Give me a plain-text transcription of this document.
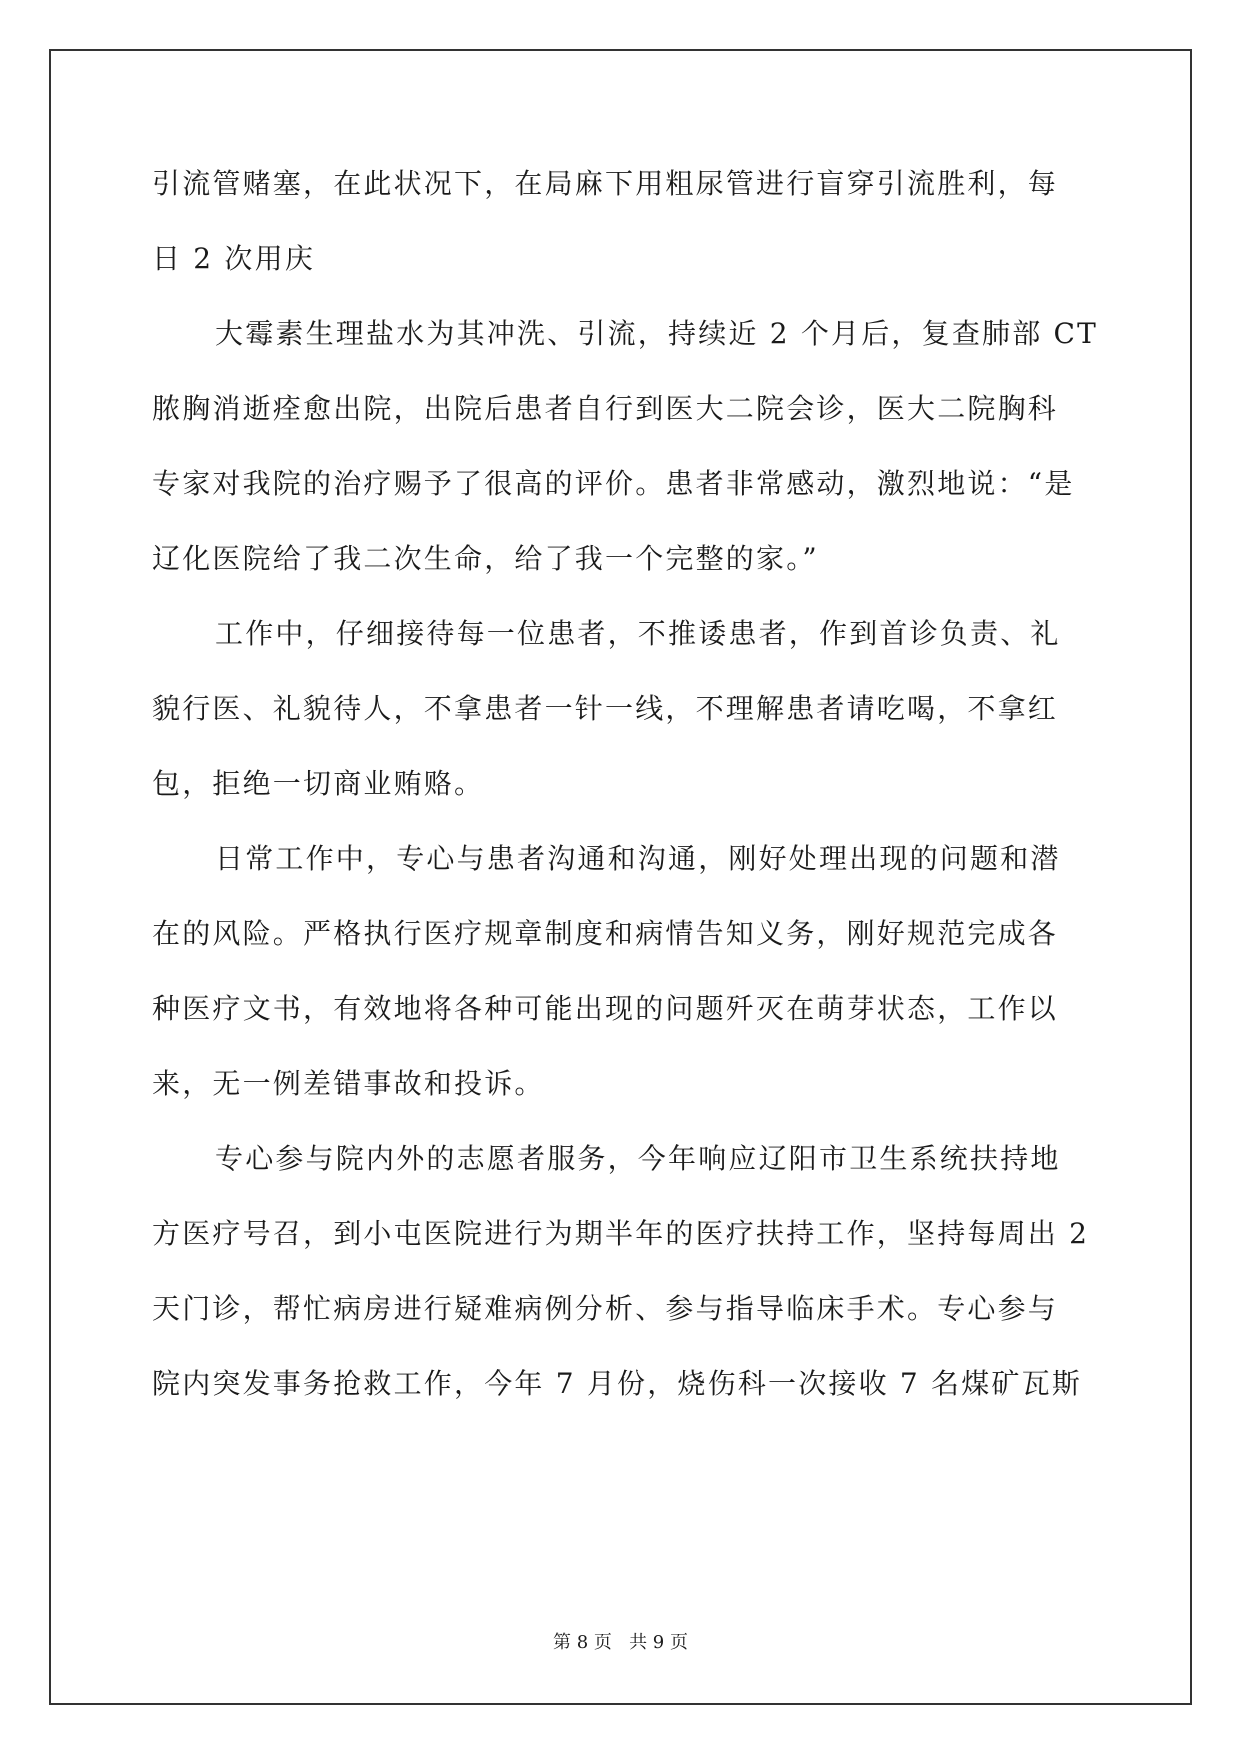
引流管赌塞，在此状况下，在局麻下用粗尿管进行盲穿引流胜利，每
日 2 次用庆
大霉素生理盐水为其冲洗、引流，持续近 2 个月后，复查肺部 CT
脓胸消逝痊愈出院，出院后患者自行到医大二院会诊，医大二院胸科
专家对我院的治疗赐予了很高的评价。患者非常感动，激烈地说：“是
辽化医院给了我二次生命，给了我一个完整的家。”
工作中，仔细接待每一位患者，不推诿患者，作到首诊负责、礼
貌行医、礼貌待人，不拿患者一针一线，不理解患者请吃喝，不拿红
包，拒绝一切商业贿赂。
日常工作中，专心与患者沟通和沟通，刚好处理出现的问题和潜
在的风险。严格执行医疗规章制度和病情告知义务，刚好规范完成各
种医疗文书，有效地将各种可能出现的问题歼灭在萌芽状态，工作以
来，无一例差错事故和投诉。
专心参与院内外的志愿者服务，今年响应辽阳市卫生系统扶持地
方医疗号召，到小屯医院进行为期半年的医疗扶持工作，坚持每周出 2
天门诊，帮忙病房进行疑难病例分析、参与指导临床手术。专心参与
院内突发事务抢救工作，今年 7 月份，烧伤科一次接收 7 名煤矿瓦斯
第 8 页   共 9 页
